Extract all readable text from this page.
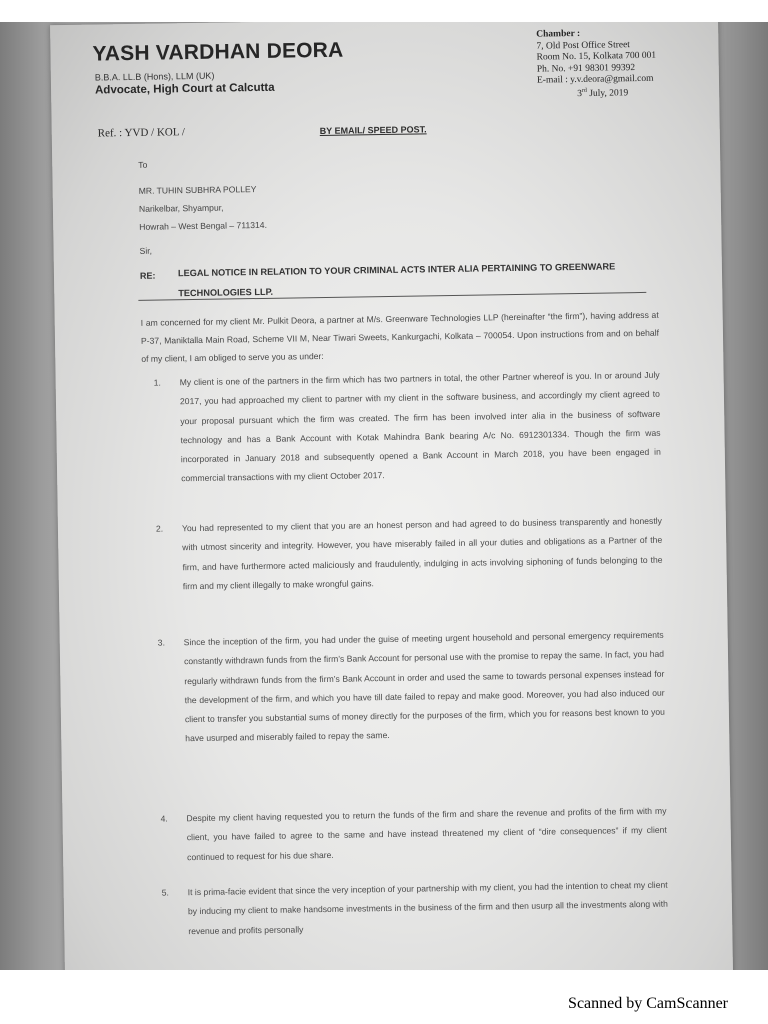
YASH VARDHAN DEORA
B.B.A. LL.B (Hons), LLM (UK)
Advocate, High Court at Calcutta
Chamber :
7, Old Post Office Street
Room No. 15, Kolkata 700 001
Ph. No. +91 98301 99392
E-mail : y.v.deora@gmail.com
3rd July, 2019
Ref. : YVD / KOL /	BY EMAIL/ SPEED POST.
To
MR. TUHIN SUBHRA POLLEY
Narikelbar, Shyampur,
Howrah – West Bengal – 711314.
Sir,
RE: LEGAL NOTICE IN RELATION TO YOUR CRIMINAL ACTS INTER ALIA PERTAINING TO GREENWARE TECHNOLOGIES LLP.
I am concerned for my client Mr. Pulkit Deora, a partner at M/s. Greenware Technologies LLP (hereinafter “the firm”), having address at P-37, Maniktalla Main Road, Scheme VII M, Near Tiwari Sweets, Kankurgachi, Kolkata – 700054. Upon instructions from and on behalf of my client, I am obliged to serve you as under:
1.	My client is one of the partners in the firm which has two partners in total, the other Partner whereof is you. In or around July 2017, you had approached my client to partner with my client in the software business, and accordingly my client agreed to your proposal pursuant which the firm was created. The firm has been involved inter alia in the business of software technology and has a Bank Account with Kotak Mahindra Bank bearing A/c No. 6912301334. Though the firm was incorporated in January 2018 and subsequently opened a Bank Account in March 2018, you have been engaged in commercial transactions with my client October 2017.
2.	You had represented to my client that you are an honest person and had agreed to do business transparently and honestly with utmost sincerity and integrity. However, you have miserably failed in all your duties and obligations as a Partner of the firm, and have furthermore acted maliciously and fraudulently, indulging in acts involving siphoning of funds belonging to the firm and my client illegally to make wrongful gains.
3.	Since the inception of the firm, you had under the guise of meeting urgent household and personal emergency requirements constantly withdrawn funds from the firm’s Bank Account for personal use with the promise to repay the same. In fact, you had regularly withdrawn funds from the firm’s Bank Account in order and used the same to towards personal expenses instead for the development of the firm, and which you have till date failed to repay and make good. Moreover, you had also induced our client to transfer you substantial sums of money directly for the purposes of the firm, which you for reasons best known to you have usurped and miserably failed to repay the same.
4.	Despite my client having requested you to return the funds of the firm and share the revenue and profits of the firm with my client, you have failed to agree to the same and have instead threatened my client of “dire consequences” if my client continued to request for his due share.
5.	It is prima-facie evident that since the very inception of your partnership with my client, you had the intention to cheat my client by inducing my client to make handsome investments in the business of the firm and then usurp all the investments along with revenue and profits personally
Scanned by CamScanner
